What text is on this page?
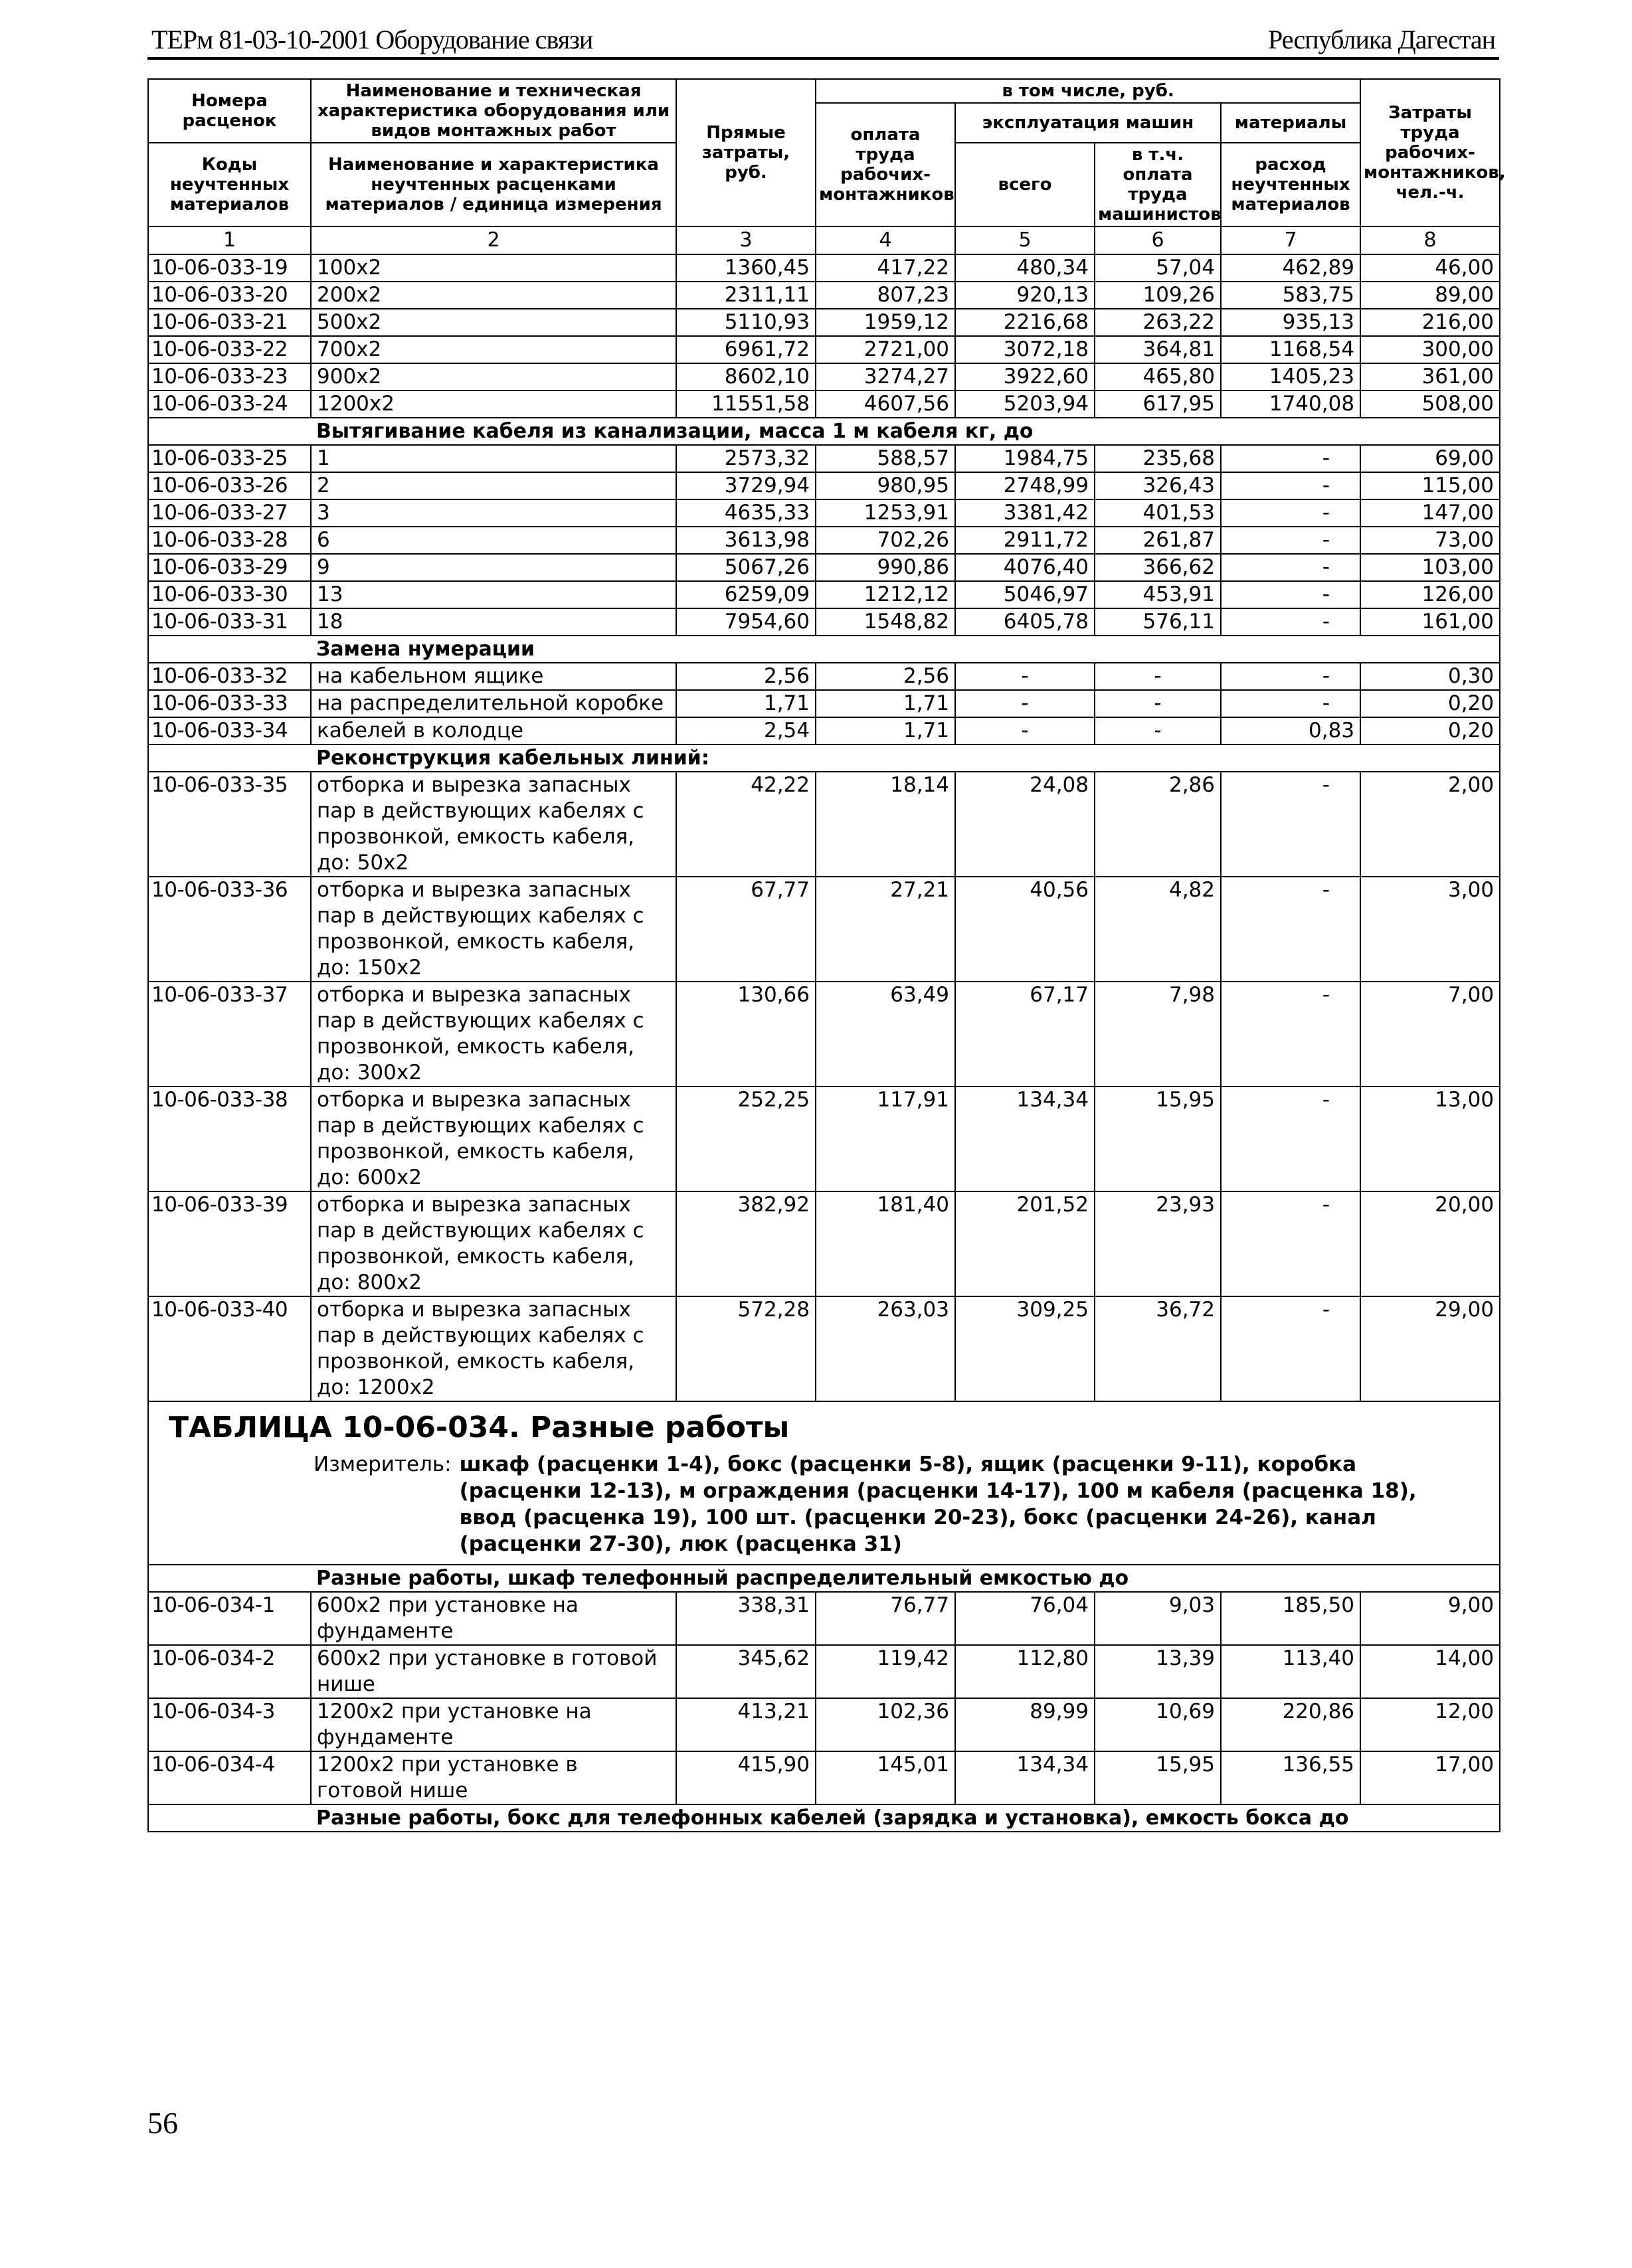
ТЕРм 81-03-10-2001 Оборудование связи	Республика Дагестан
Номера расценок	Наименование и техническая характеристика оборудования или видов монтажных работ	Прямые затраты, руб.	в том числе, руб.				Затраты труда рабочих-монтажников, чел.-ч.
			оплата труда рабочих-монтажников	эксплуатация машин		материалы	
Коды неучтенных материалов	Наименование и характеристика неучтенных расценками материалов / единица измерения			всего	в т.ч. оплата труда машинистов	расход неучтенных материалов	

1	2	3	4	5	6	7	8
10-06-033-19	100х2	1360,45	417,22	480,34	57,04	462,89	46,00
10-06-033-20	200х2	2311,11	807,23	920,13	109,26	583,75	89,00
10-06-033-21	500х2	5110,93	1959,12	2216,68	263,22	935,13	216,00
10-06-033-22	700х2	6961,72	2721,00	3072,18	364,81	1168,54	300,00
10-06-033-23	900х2	8602,10	3274,27	3922,60	465,80	1405,23	361,00
10-06-033-24	1200х2	11551,58	4607,56	5203,94	617,95	1740,08	508,00
	Вытягивание кабеля из канализации, масса 1 м кабеля кг, до						
10-06-033-25	1	2573,32	588,57	1984,75	235,68	-	69,00
10-06-033-26	2	3729,94	980,95	2748,99	326,43	-	115,00
10-06-033-27	3	4635,33	1253,91	3381,42	401,53	-	147,00
10-06-033-28	6	3613,98	702,26	2911,72	261,87	-	73,00
10-06-033-29	9	5067,26	990,86	4076,40	366,62	-	103,00
10-06-033-30	13	6259,09	1212,12	5046,97	453,91	-	126,00
10-06-033-31	18	7954,60	1548,82	6405,78	576,11	-	161,00
	Замена нумерации						
10-06-033-32	на кабельном ящике	2,56	2,56	-	-	-	0,30
10-06-033-33	на распределительной коробке	1,71	1,71	-	-	-	0,20
10-06-033-34	кабелей в колодце	2,54	1,71	-	-	0,83	0,20
	Реконструкция кабельных линий:						
10-06-033-35	отборка и вырезка запасных пар в действующих кабелях с прозвонкой, емкость кабеля, до: 50х2	42,22	18,14	24,08	2,86	-	2,00
10-06-033-36	отборка и вырезка запасных пар в действующих кабелях с прозвонкой, емкость кабеля, до: 150х2	67,77	27,21	40,56	4,82	-	3,00
10-06-033-37	отборка и вырезка запасных пар в действующих кабелях с прозвонкой, емкость кабеля, до: 300х2	130,66	63,49	67,17	7,98	-	7,00
10-06-033-38	отборка и вырезка запасных пар в действующих кабелях с прозвонкой, емкость кабеля, до: 600х2	252,25	117,91	134,34	15,95	-	13,00
10-06-033-39	отборка и вырезка запасных пар в действующих кабелях с прозвонкой, емкость кабеля, до: 800х2	382,92	181,40	201,52	23,93	-	20,00
10-06-033-40	отборка и вырезка запасных пар в действующих кабелях с прозвонкой, емкость кабеля, до: 1200х2	572,28	263,03	309,25	36,72	-	29,00

ТАБЛИЦА 10-06-034. Разные работы
Измеритель: шкаф (расценки 1-4), бокс (расценки 5-8), ящик (расценки 9-11), коробка (расценки 12-13), м ограждения (расценки 14-17), 100 м кабеля (расценка 18), ввод (расценка 19), 100 шт. (расценки 20-23), бокс (расценки 24-26), канал (расценки 27-30), люк (расценка 31)							

	Разные работы, шкаф телефонный распределительный емкостью до						
10-06-034-1	600х2 при установке на фундаменте	338,31	76,77	76,04	9,03	185,50	9,00
10-06-034-2	600х2 при установке в готовой нише	345,62	119,42	112,80	13,39	113,40	14,00
10-06-034-3	1200х2 при установке на фундаменте	413,21	102,36	89,99	10,69	220,86	12,00
10-06-034-4	1200х2 при установке в готовой нише	415,90	145,01	134,34	15,95	136,55	17,00
	Разные работы, бокс для телефонных кабелей (зарядка и установка), емкость бокса до						
56
